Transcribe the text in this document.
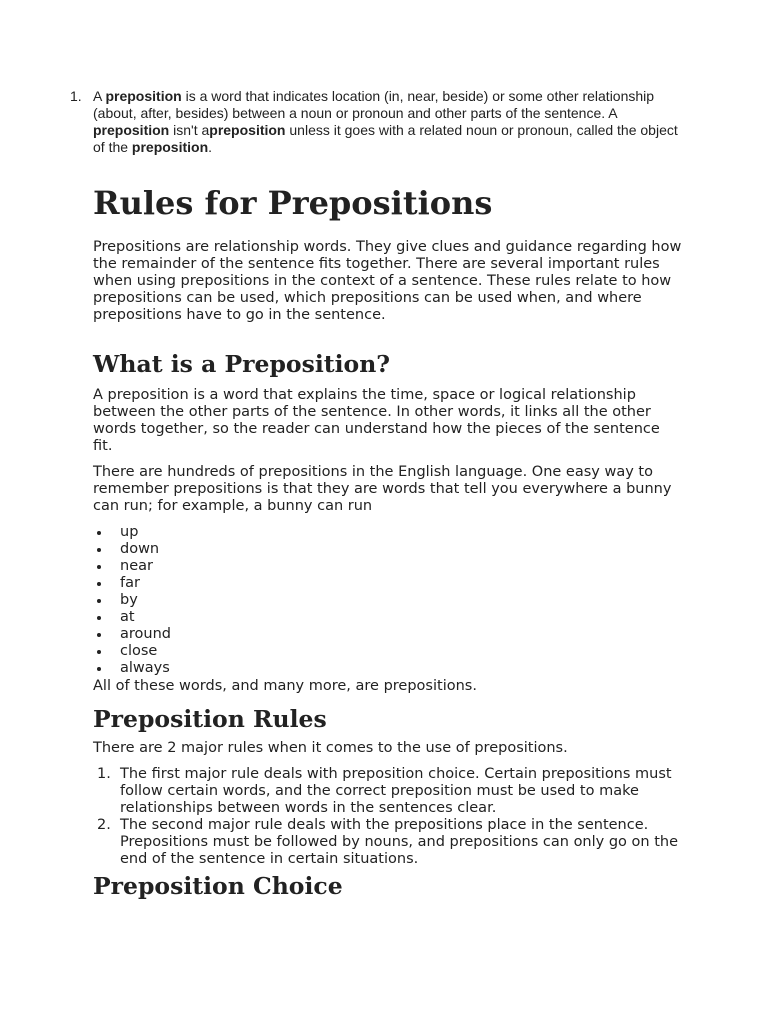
1. A preposition is a word that indicates location (in, near, beside) or some other relationship (about, after, besides) between a noun or pronoun and other parts of the sentence. A preposition isn't apreposition unless it goes with a related noun or pronoun, called the object of the preposition.
Rules for Prepositions

Prepositions are relationship words. They give clues and guidance regarding how the remainder of the sentence fits together. There are several important rules when using prepositions in the context of a sentence. These rules relate to how prepositions can be used, which prepositions can be used when, and where prepositions have to go in the sentence.

What is a Preposition?

A preposition is a word that explains the time, space or logical relationship between the other parts of the sentence. In other words, it links all the other words together, so the reader can understand how the pieces of the sentence fit.

There are hundreds of prepositions in the English language. One easy way to remember prepositions is that they are words that tell you everywhere a bunny can run; for example, a bunny can run

up
down
near
far
by
at
around
close
always

All of these words, and many more, are prepositions.

Preposition Rules

There are 2 major rules when it comes to the use of prepositions.

1. The first major rule deals with preposition choice. Certain prepositions must follow certain words, and the correct preposition must be used to make relationships between words in the sentences clear.
2. The second major rule deals with the prepositions place in the sentence. Prepositions must be followed by nouns, and prepositions can only go on the end of the sentence in certain situations.
Preposition Choice
